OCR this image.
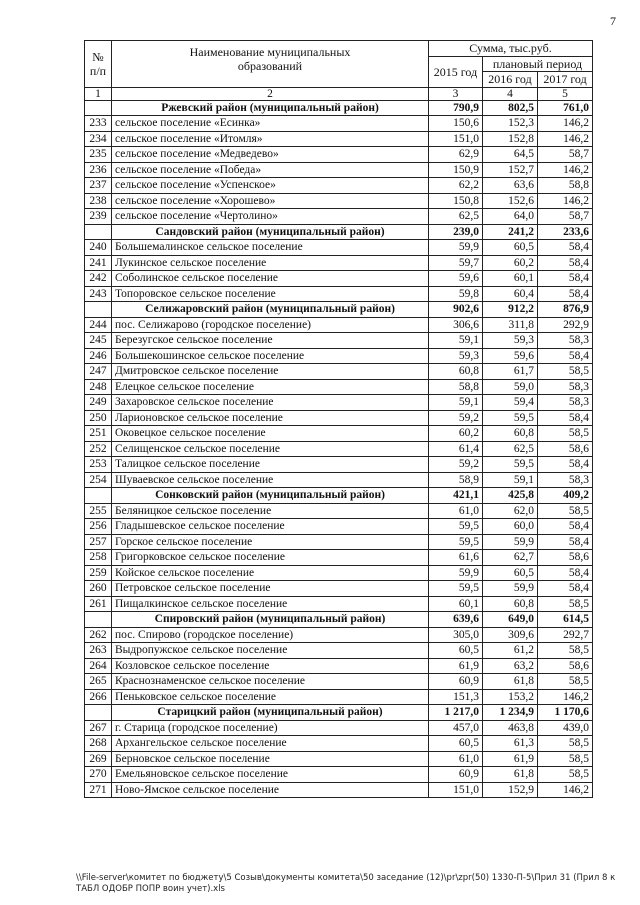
7
№ п/п	Наименование муниципальных образований	Сумма, тыс.руб.		
		2015 год	плановый период	
			2016 год	2017 год
1	2	3	4	5
	Ржевский район (муниципальный район)	790,9	802,5	761,0
233	сельское поселение «Есинка»	150,6	152,3	146,2
234	сельское поселение «Итомля»	151,0	152,8	146,2
235	сельское поселение «Медведево»	62,9	64,5	58,7
236	сельское поселение «Победа»	150,9	152,7	146,2
237	сельское поселение «Успенское»	62,2	63,6	58,8
238	сельское поселение «Хорошево»	150,8	152,6	146,2
239	сельское поселение «Чертолино»	62,5	64,0	58,7
	Сандовский район (муниципальный район)	239,0	241,2	233,6
240	Большемалинское сельское поселение	59,9	60,5	58,4
241	Лукинское сельское поселение	59,7	60,2	58,4
242	Соболинское сельское поселение	59,6	60,1	58,4
243	Топоровское сельское поселение	59,8	60,4	58,4
	Селижаровский район (муниципальный район)	902,6	912,2	876,9
244	пос. Селижарово (городское поселение)	306,6	311,8	292,9
245	Березугское сельское поселение	59,1	59,3	58,3
246	Большекошинское сельское поселение	59,3	59,6	58,4
247	Дмитровское сельское поселение	60,8	61,7	58,5
248	Елецкое сельское поселение	58,8	59,0	58,3
249	Захаровское сельское поселение	59,1	59,4	58,3
250	Ларионовское сельское поселение	59,2	59,5	58,4
251	Оковецкое сельское поселение	60,2	60,8	58,5
252	Селищенское сельское поселение	61,4	62,5	58,6
253	Талицкое сельское поселение	59,2	59,5	58,4
254	Шуваевское сельское поселение	58,9	59,1	58,3
	Сонковский район (муниципальный район)	421,1	425,8	409,2
255	Беляницкое сельское поселение	61,0	62,0	58,5
256	Гладышевское сельское поселение	59,5	60,0	58,4
257	Горское сельское поселение	59,5	59,9	58,4
258	Григорковское сельское поселение	61,6	62,7	58,6
259	Койское сельское поселение	59,9	60,5	58,4
260	Петровское сельское поселение	59,5	59,9	58,4
261	Пищалкинское сельское поселение	60,1	60,8	58,5
	Спировский район (муниципальный район)	639,6	649,0	614,5
262	пос. Спирово (городское поселение)	305,0	309,6	292,7
263	Выдропужское сельское поселение	60,5	61,2	58,5
264	Козловское сельское поселение	61,9	63,2	58,6
265	Краснознаменское сельское поселение	60,9	61,8	58,5
266	Пеньковское сельское поселение	151,3	153,2	146,2
	Старицкий район (муниципальный район)	1 217,0	1 234,9	1 170,6
267	г. Старица (городское поселение)	457,0	463,8	439,0
268	Архангельское сельское поселение	60,5	61,3	58,5
269	Берновское сельское поселение	61,0	61,9	58,5
270	Емельяновское сельское поселение	60,9	61,8	58,5
271	Ново-Ямское сельское поселение	151,0	152,9	146,2
\\File-server\комитет по бюджету\5 Созыв\документы комитета\50 заседание (12)\pr\zpr(50) 1330-П-5\Прил 31 (Прил 8 к ТАБЛ ОДОБР ПОПР воин учет).xls
